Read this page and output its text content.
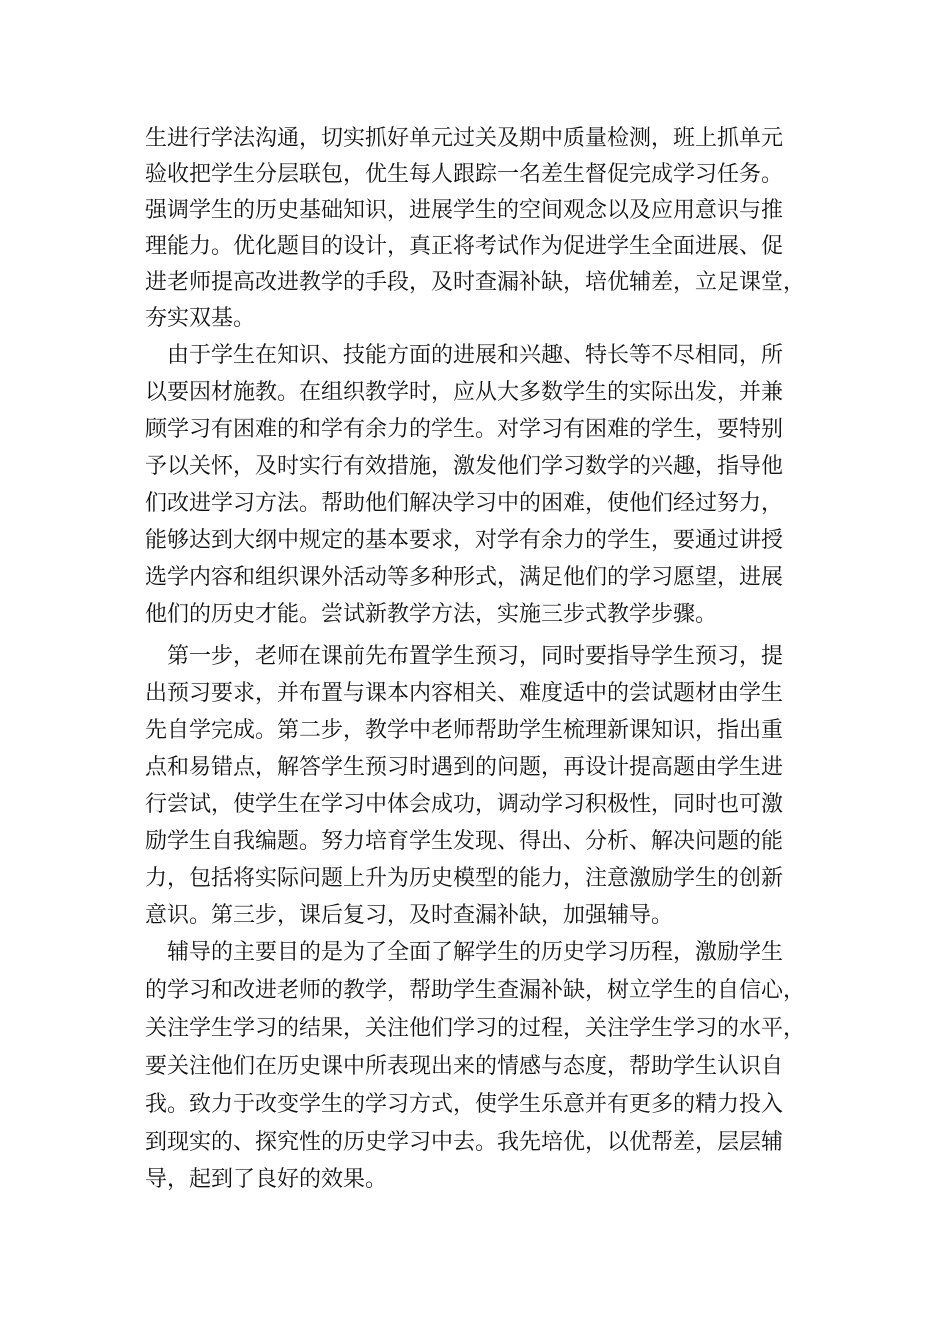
生进行学法沟通，切实抓好单元过关及期中质量检测，班上抓单元
验收把学生分层联包，优生每人跟踪一名差生督促完成学习任务。
强调学生的历史基础知识，进展学生的空间观念以及应用意识与推
理能力。优化题目的设计，真正将考试作为促进学生全面进展、促
进老师提高改进教学的手段，及时查漏补缺，培优辅差，立足课堂，
夯实双基。
　由于学生在知识、技能方面的进展和兴趣、特长等不尽相同，所
以要因材施教。在组织教学时，应从大多数学生的实际出发，并兼
顾学习有困难的和学有余力的学生。对学习有困难的学生，要特别
予以关怀，及时实行有效措施，激发他们学习数学的兴趣，指导他
们改进学习方法。帮助他们解决学习中的困难，使他们经过努力，
能够达到大纲中规定的基本要求，对学有余力的学生，要通过讲授
选学内容和组织课外活动等多种形式，满足他们的学习愿望，进展
他们的历史才能。尝试新教学方法，实施三步式教学步骤。
　第一步，老师在课前先布置学生预习，同时要指导学生预习，提
出预习要求，并布置与课本内容相关、难度适中的尝试题材由学生
先自学完成。第二步，教学中老师帮助学生梳理新课知识，指出重
点和易错点，解答学生预习时遇到的问题，再设计提高题由学生进
行尝试，使学生在学习中体会成功，调动学习积极性，同时也可激
励学生自我编题。努力培育学生发现、得出、分析、解决问题的能
力，包括将实际问题上升为历史模型的能力，注意激励学生的创新
意识。第三步，课后复习，及时查漏补缺，加强辅导。
　辅导的主要目的是为了全面了解学生的历史学习历程，激励学生
的学习和改进老师的教学，帮助学生查漏补缺，树立学生的自信心，
关注学生学习的结果，关注他们学习的过程，关注学生学习的水平，
要关注他们在历史课中所表现出来的情感与态度，帮助学生认识自
我。致力于改变学生的学习方式，使学生乐意并有更多的精力投入
到现实的、探究性的历史学习中去。我先培优，以优帮差，层层辅
导，起到了良好的效果。
